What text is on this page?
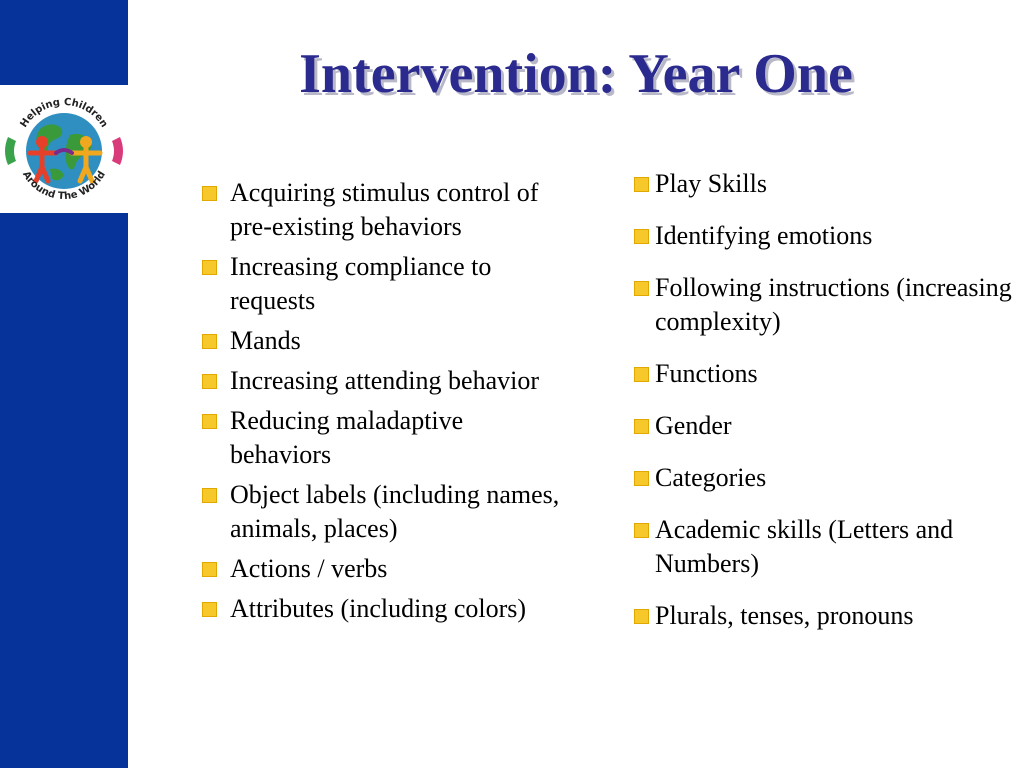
Helping Children
Around The World
Intervention: Year One
Acquiring stimulus control of pre-existing behaviors
Increasing compliance to requests
Mands
Increasing attending behavior
Reducing maladaptive behaviors
Object labels (including names, animals, places)
Actions / verbs
Attributes (including colors)
Play Skills
Identifying emotions
Following instructions (increasing complexity)
Functions
Gender
Categories
Academic skills (Letters and Numbers)
Plurals, tenses, pronouns
